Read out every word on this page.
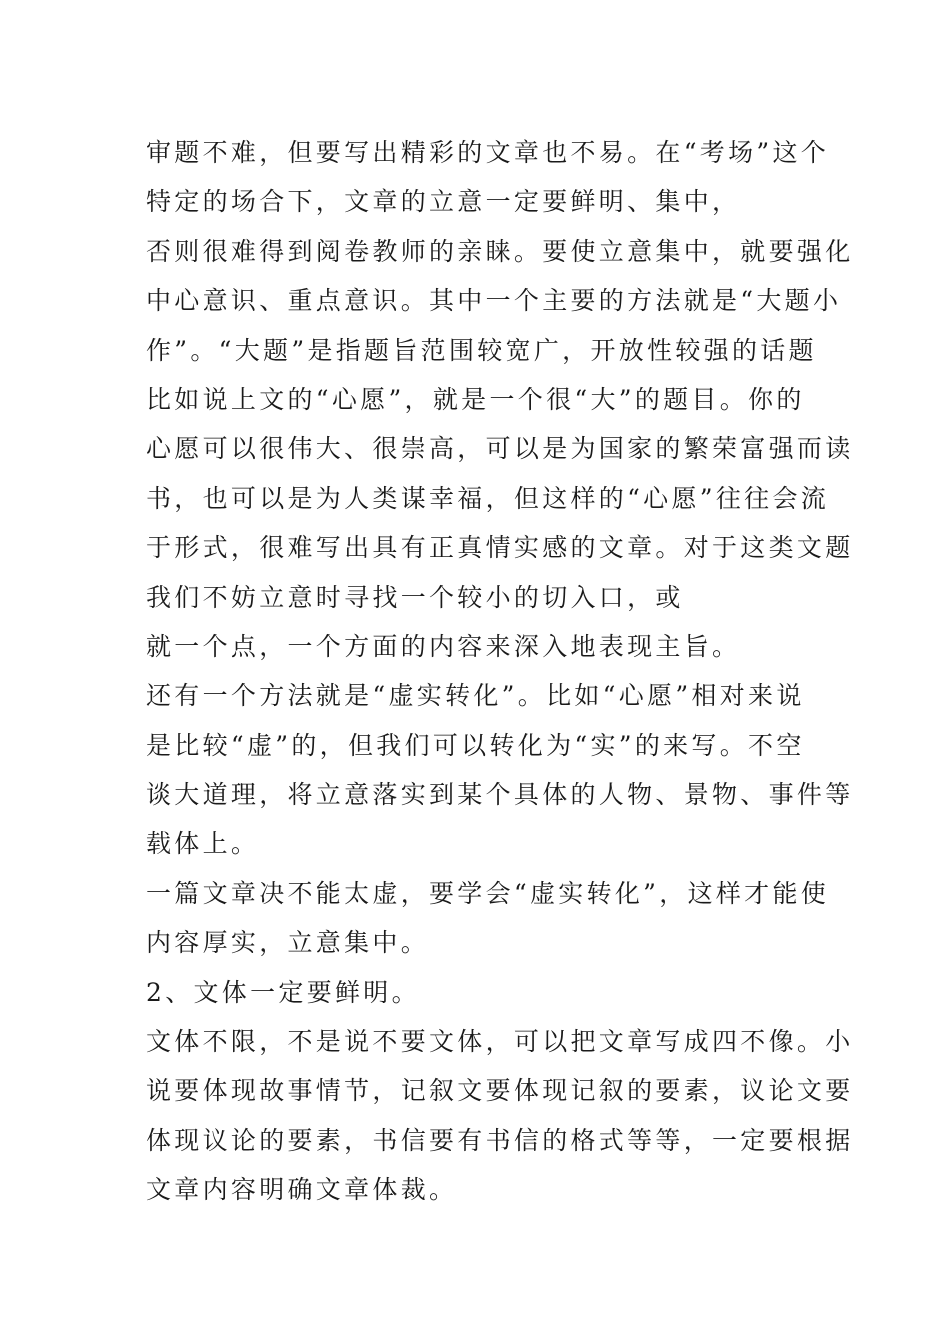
审题不难，但要写出精彩的文章也不易。在“考场”这个
特定的场合下，文章的立意一定要鲜明、集中，
否则很难得到阅卷教师的亲睐。要使立意集中，就要强化
中心意识、重点意识。其中一个主要的方法就是“大题小
作”。“大题”是指题旨范围较宽广，开放性较强的话题
比如说上文的“心愿”，就是一个很“大”的题目。你的
心愿可以很伟大、很崇高，可以是为国家的繁荣富强而读
书，也可以是为人类谋幸福，但这样的“心愿”往往会流
于形式，很难写出具有正真情实感的文章。对于这类文题
我们不妨立意时寻找一个较小的切入口，或
就一个点，一个方面的内容来深入地表现主旨。
还有一个方法就是“虚实转化”。比如“心愿”相对来说
是比较“虚”的，但我们可以转化为“实”的来写。不空
谈大道理，将立意落实到某个具体的人物、景物、事件等
载体上。
一篇文章决不能太虚，要学会“虚实转化”，这样才能使
内容厚实，立意集中。
2、文体一定要鲜明。
文体不限，不是说不要文体，可以把文章写成四不像。小
说要体现故事情节，记叙文要体现记叙的要素，议论文要
体现议论的要素，书信要有书信的格式等等，一定要根据
文章内容明确文章体裁。
